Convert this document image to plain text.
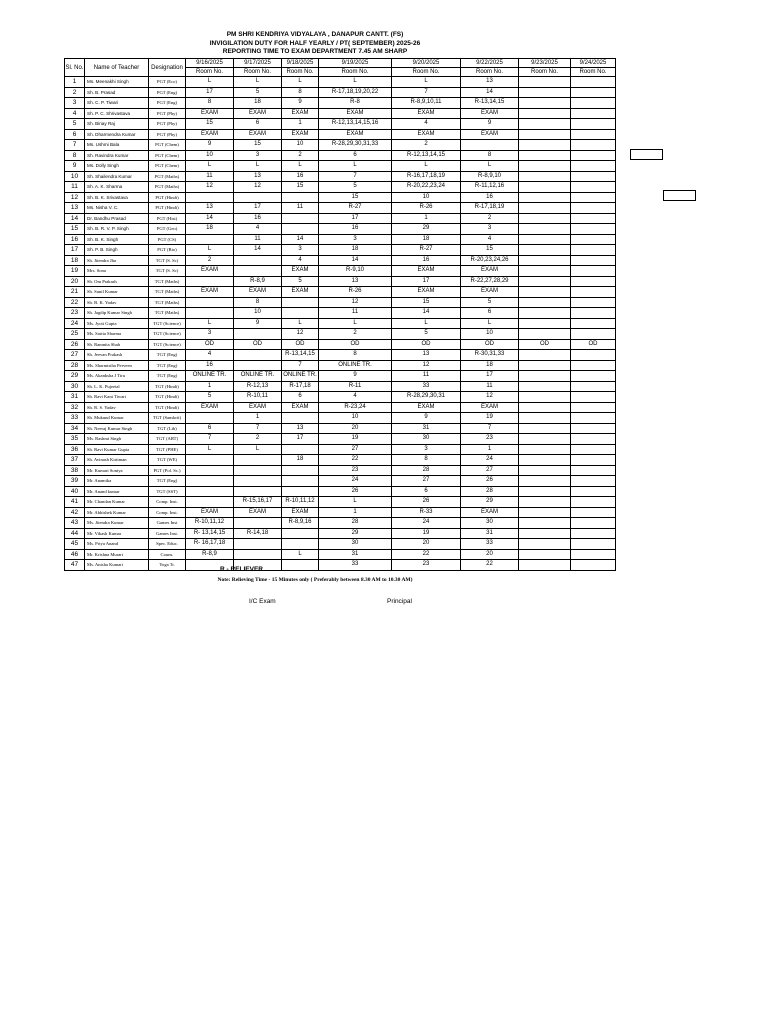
PM SHRI KENDRIYA VIDYALAYA , DANAPUR CANTT. (FS)
INVIGILATION DUTY FOR HALF YEARLY / PT( SEPTEMBER) 2025-26
REPORTING TIME TO EXAM DEPARTMENT 7.45 AM SHARP
Sl. No.	Name of Teacher	Designation	9/16/2025	9/17/2025	9/18/2025	9/19/2025	9/20/2025	9/22/2025	9/23/2025	9/24/2025
			Room No.	Room No.	Room No.	Room No.	Room No.	Room No.	Room No.	Room No.
1	Ms. Meenakhi Singh	PGT (Eco)	L	L	L	L	L	13		
2	Sh. B. Prasad	PGT (Eng)	17	5	8	R-17,18,19,20,22	7	14		
3	Sh. C. P. Tiwari	PGT (Eng)	8	18	9	R-8	R-8,9,10,11	R-13,14,15		
4	Sh. P. C. Shrivastava	PGT (Phy)	EXAM	EXAM	EXAM	EXAM	EXAM	EXAM		
5	Sh. Binay Raj	PGT (Phy)	15	6	1	R-12,13,14,15,16	4	9		
6	Sh. Dharmendra Kumar	PGT (Phy)	EXAM	EXAM	EXAM	EXAM	EXAM	EXAM		
7	Ms. Ushmi Bala	PGT (Chem)	9	15	10	R-28,29,30,31,33	2			
8	Sh. Ravindra Kumar	PGT (Chem)	10	3	2	6	R-12,13,14,15	8		
9	Ms. Dolly Singh	PGT (Chem)	L	L	L	L	L	L		
10	Sh. Shailendra Kumar	PGT (Maths)	11	13	16	7	R-16,17,18,19	R-8,9,10		
11	Sh. A. K. Sharma	PGT (Maths)	12	12	15	5	R-20,22,23,24	R-11,12,16		
12	Sh. B. K. Srivastava	PGT (Hindi)				15	10	16		
13	Ms. Nisha V. C.	PGT (Hindi)	13	17	11	R-27	R-26	R-17,18,19		
14	Dr. Bandhu Prasad	PGT (Hist)	14	16		17	1	2		
15	Sh. B. R. V. P. Singh	PGT (Geo)	18	4		16	29	3		
16	Sh. B. K. Singh	PGT (CS)		11	14	3	18	4		
17	Sh. P. B. Singh	PGT (Bio)	L	14	3	18	R-27	15		
18	Sh. Jitendra Jha	TGT (S. Sc)	2		4	14	16	R-20,23,24,26		
19	Mrs. Sona	TGT (S. Sc)	EXAM		EXAM	R-9,10	EXAM	EXAM		
20	Sh. Om Prakash	TGT (Maths)		R-8,9	5	13	17	R-22,27,28,29		
21	Sh. Sunil Kumar	TGT (Maths)	EXAM	EXAM	EXAM	R-26	EXAM	EXAM		
22	Sh. B. K. Yadav	TGT (Maths)		8		12	15	5		
23	Sh. Jagdip Kumar Singh	TGT (Maths)		10		11	14	6		
24	Ms. Jyoti Gupta	TGT (Science)	L	9	L	L	L	L		
25	Ms. Sarita Sharma	TGT (Science)	3		12	2	5	10		
26	Sh. Ramnita Shah	TGT (Science)	OD	OD	OD	OD	OD	OD	OD	OD
27	Sh. Jeevan Prakash	TGT (Eng)	4		R-13,14,15	8	13	R-30,31,33		
28	Ms. Sharmistha Perveen	TGT (Eng)	16		7	ONLINE TR.	12	18		
29	Ms. Akanksha J Tiru	TGT (Eng)	ONLINE TR.	ONLINE TR.	ONLINE TR.	9	11	17		
30	Sh. L. K. Pujeetal	TGT (Hindi)	1	R-12,13	R-17,18	R-11	33	11		
31	Sh. Ravi Kant Tiwari	TGT (Hindi)	5	R-10,11	6	4	R-28,29,30,31	12		
32	Sh. R. S. Yadav	TGT (Hindi)	EXAM	EXAM	EXAM	R-23,24	EXAM	EXAM		
33	Sh. Mukund Kumar	TGT (Sanskrit)		1		10	9	19		
34	Sh. Neeraj Kumar Singh	TGT (Lib)	6	7	13	20	31	7		
35	Ms. Rashmi Singh	TGT (ART)	7	2	17	19	30	23		
36	Sh. Ravi Kumar Gupta	TGT (PHE)	L	L		27	3	1		
37	Sh. Avinash Kirtiman	TGT (WE)			18	22	8	24		
38	Mr. Kumari Soniya	PGT (Pol. Sc.)				23	28	27		
39	Mr. Anamika	TGT (Eng)				24	27	26		
40	Mr. Anand kumar	TGT (SST)				26	6	28		
41	Mr. Chandan Kumar	Comp. Inst.		R-15,16,17	R-10,11,12	L	26	29		
42	Mr. Abhishek Kumar	Comp. Inst.	EXAM	EXAM	EXAM	1	R-33	EXAM		
43	Ms. Jitendra Kumar	Games Inst	R-10,11,12		R-8,9,16	28	24	30		
44	Mr. Vikash Kumar	Games Inst.	R- 13,14,15	R-14,18		29	19	31		
45	Ms. Priya Anand	Spec. Educ.	R- 16,17,18			30	20	33		
46	Mr. Krishna Murari	Couns.	R-8,9		L	31	22	20		
47	Ms. Anisha Kumari	Yoga Tr.				33	23	22		
R - RELIEVER
Note: Relieving Time - 15 Minutes only ( Preferably between 8.30 AM to 10.30 AM)
I/C Exam	Principal
